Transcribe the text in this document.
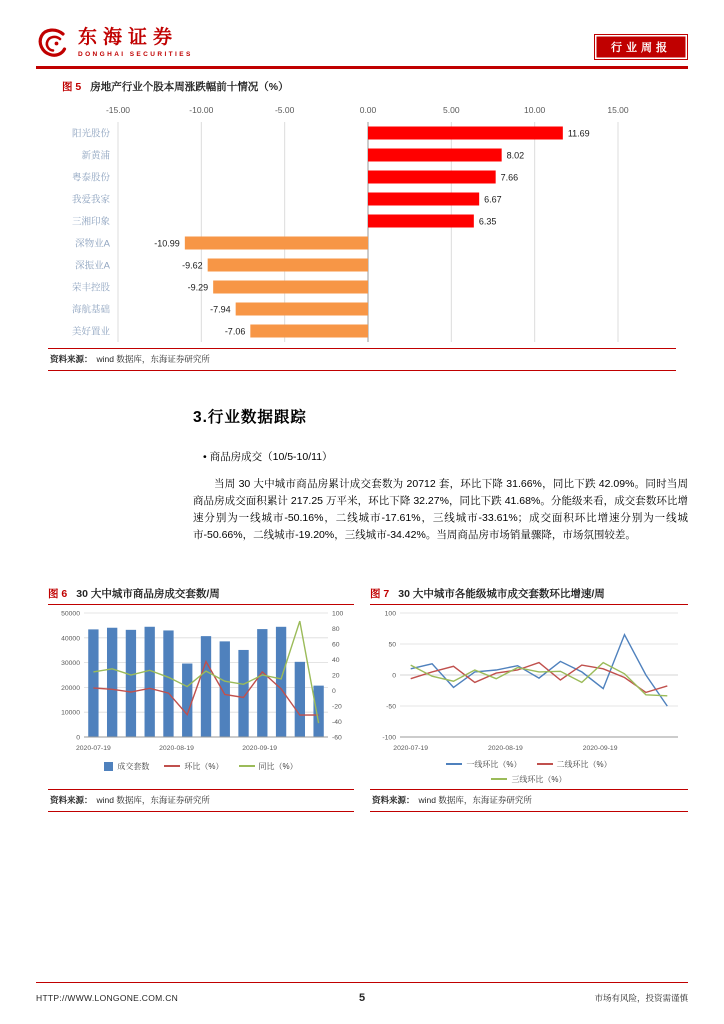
东海证券
DONGHAI SECURITIES
行业周报
图 5 房地产行业个股本周涨跌幅前十情况（%）
-15.00	-10.00	-5.00	0.00	5.00	10.00	15.00
阳光股份	11.69
新黄浦	8.02
粤泰股份	7.66
我爱我家	6.67
三湘印象	6.35
深物业A	-10.99
深振业A	-9.62
荣丰控股	-9.29
海航基础	-7.94
美好置业	-7.06
资料来源： wind 数据库，东海证券研究所
3.行业数据跟踪
• 商品房成交（10/5-10/11）
当周 30 大中城市商品房累计成交套数为 20712 套，环比下降 31.66%，同比下跌 42.09%。同时当周商品房成交面积累计 217.25 万平米，环比下降 32.27%，同比下跌 41.68%。分能级来看，成交套数环比增速分别为一线城市-50.16%，二线城市-17.61%，三线城市-33.61%；成交面积环比增速分别为一线城市-50.66%，二线城市-19.20%，三线城市-34.42%。当周商品房市场销量骤降，市场氛围较差。
图 6 30 大中城市商品房成交套数/周
0
10000
20000
30000
40000
50000
-60
-40
-20
0
20
40
60
80
100
2020-07-19	2020-08-19	2020-09-19
成交套数	环比（%）	同比（%）
资料来源： wind 数据库，东海证券研究所
图 7 30 大中城市各能级城市成交套数环比增速/周
-100
-50
0
50
100
2020-07-19	2020-08-19	2020-09-19
一线环比（%）	二线环比（%）
三线环比（%）
资料来源： wind 数据库，东海证券研究所
HTTP://WWW.LONGONE.COM.CN	5	市场有风险，投资需谨慎
